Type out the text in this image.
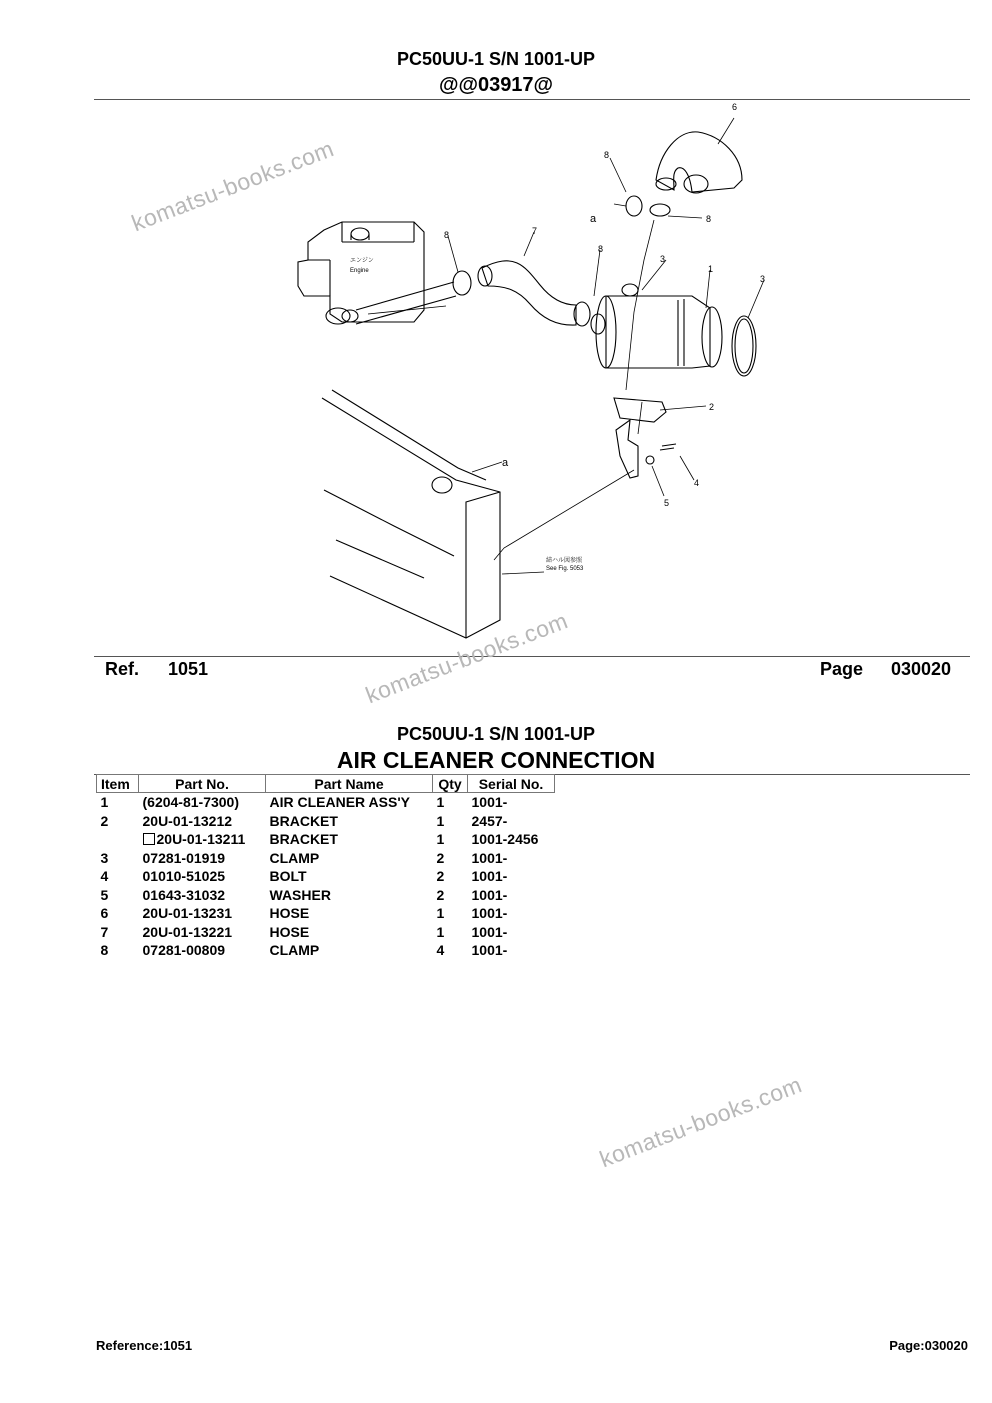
PC50UU-1 S/N 1001-UP
@@03917@
6
8
a	8
8	7
8
3
1
3
2
a
4
5
結ハル図参照
See Fig. 5053
エンジン
Engine
Ref. 1051	Page 030020
PC50UU-1 S/N 1001-UP
AIR CLEANER CONNECTION
Item	Part No.	Part Name	Qty	Serial No.
1	(6204-81-7300)	AIR CLEANER ASS'Y	1	1001-
2	20U-01-13212	BRACKET	1	2457-
	20U-01-13211	BRACKET	1	1001-2456
3	07281-01919	CLAMP	2	1001-
4	01010-51025	BOLT	2	1001-
5	01643-31032	WASHER	2	1001-
6	20U-01-13231	HOSE	1	1001-
7	20U-01-13221	HOSE	1	1001-
8	07281-00809	CLAMP	4	1001-
komatsu-books.com
komatsu-books.com
komatsu-books.com
Reference:1051	Page:030020
